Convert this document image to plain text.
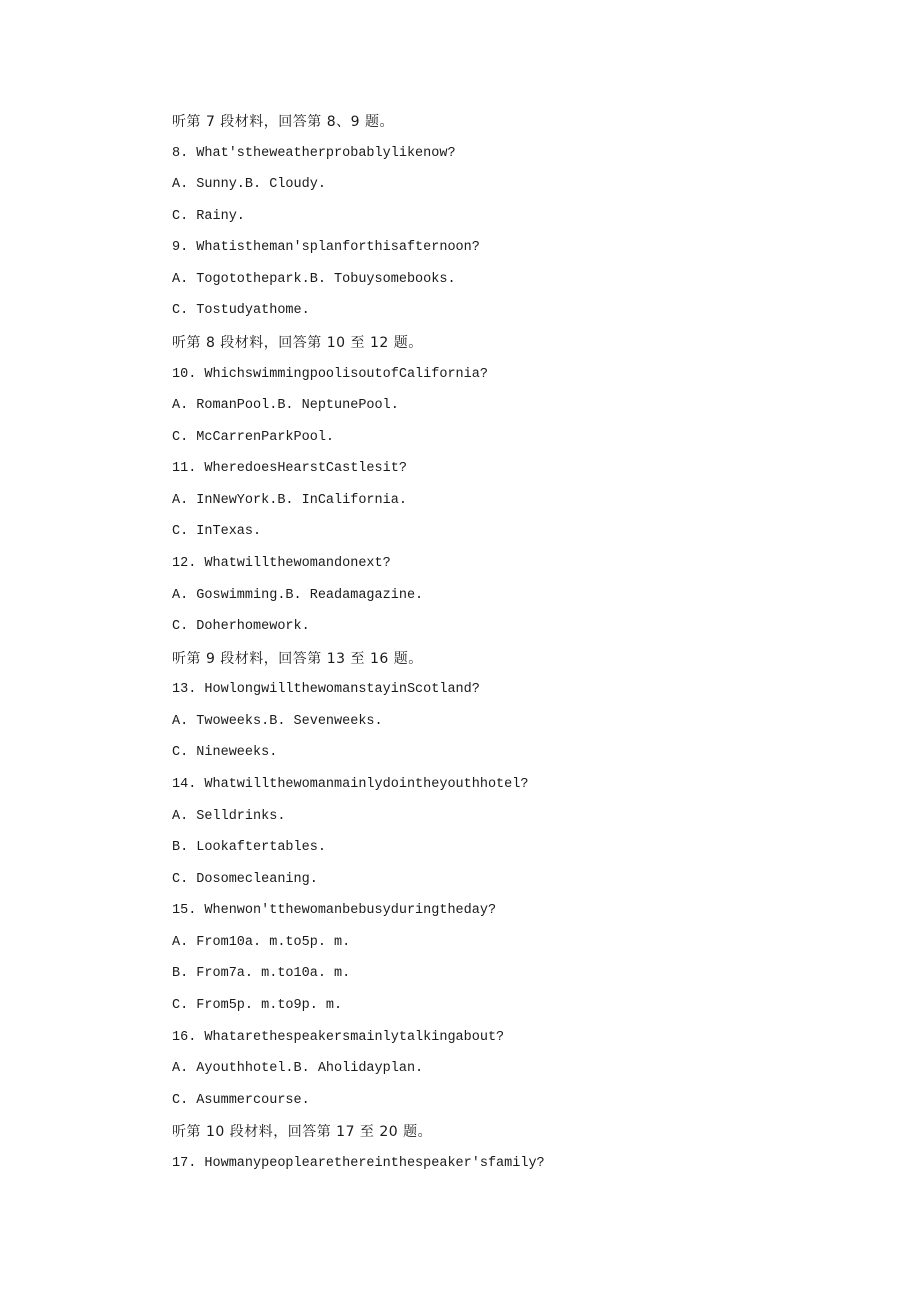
听第 7 段材料，回答第 8、9 题。
8. What'stheweatherprobablylikenow?
A. Sunny.B. Cloudy.
C. Rainy.
9. Whatistheman'splanforthisafternoon?
A. Togotothepark.B. Tobuysomebooks.
C. Tostudyathome.
听第 8 段材料，回答第 10 至 12 题。
10. WhichswimmingpoolisoutofCalifornia?
A. RomanPool.B. NeptunePool.
C. McCarrenParkPool.
11. WheredoesHearstCastlesit?
A. InNewYork.B. InCalifornia.
C. InTexas.
12. Whatwillthewomandonext?
A. Goswimming.B. Readamagazine.
C. Doherhomework.
听第 9 段材料，回答第 13 至 16 题。
13. HowlongwillthewomanstayinScotland?
A. Twoweeks.B. Sevenweeks.
C. Nineweeks.
14. Whatwillthewomanmainlydointheyouthhotel?
A. Selldrinks.
B. Lookaftertables.
C. Dosomecleaning.
15. Whenwon'tthewomanbebusyduringtheday?
A. From10a. m.to5p. m.
B. From7a. m.to10a. m.
C. From5p. m.to9p. m.
16. Whatarethespeakersmainlytalkingabout?
A. Ayouthhotel.B. Aholidayplan.
C. Asummercourse.
听第 10 段材料，回答第 17 至 20 题。
17. Howmanypeoplearethereinthespeaker'sfamily?
